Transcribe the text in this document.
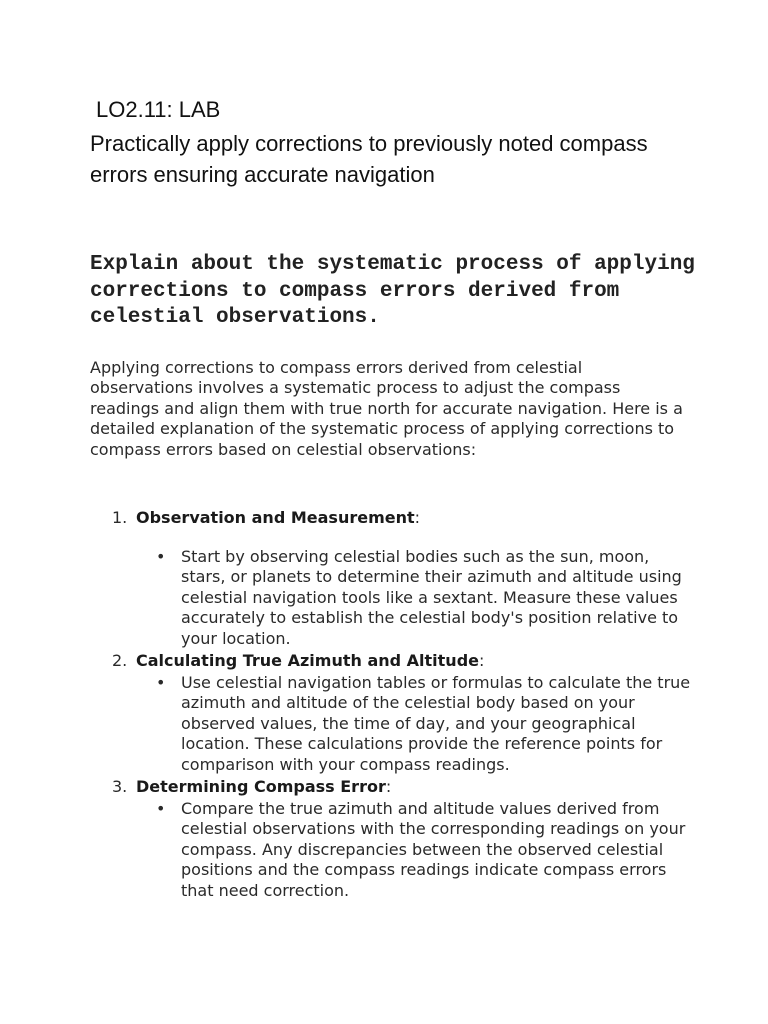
LO2.11: LAB
Practically apply corrections to previously noted compass errors ensuring accurate navigation
Explain about the systematic process of applying corrections to compass errors derived from celestial observations.
Applying corrections to compass errors derived from celestial observations involves a systematic process to adjust the compass readings and align them with true north for accurate navigation. Here is a detailed explanation of the systematic process of applying corrections to compass errors based on celestial observations:
1. Observation and Measurement:
• Start by observing celestial bodies such as the sun, moon, stars, or planets to determine their azimuth and altitude using celestial navigation tools like a sextant. Measure these values accurately to establish the celestial body's position relative to your location.
2. Calculating True Azimuth and Altitude:
• Use celestial navigation tables or formulas to calculate the true azimuth and altitude of the celestial body based on your observed values, the time of day, and your geographical location. These calculations provide the reference points for comparison with your compass readings.
3. Determining Compass Error:
• Compare the true azimuth and altitude values derived from celestial observations with the corresponding readings on your compass. Any discrepancies between the observed celestial positions and the compass readings indicate compass errors that need correction.
